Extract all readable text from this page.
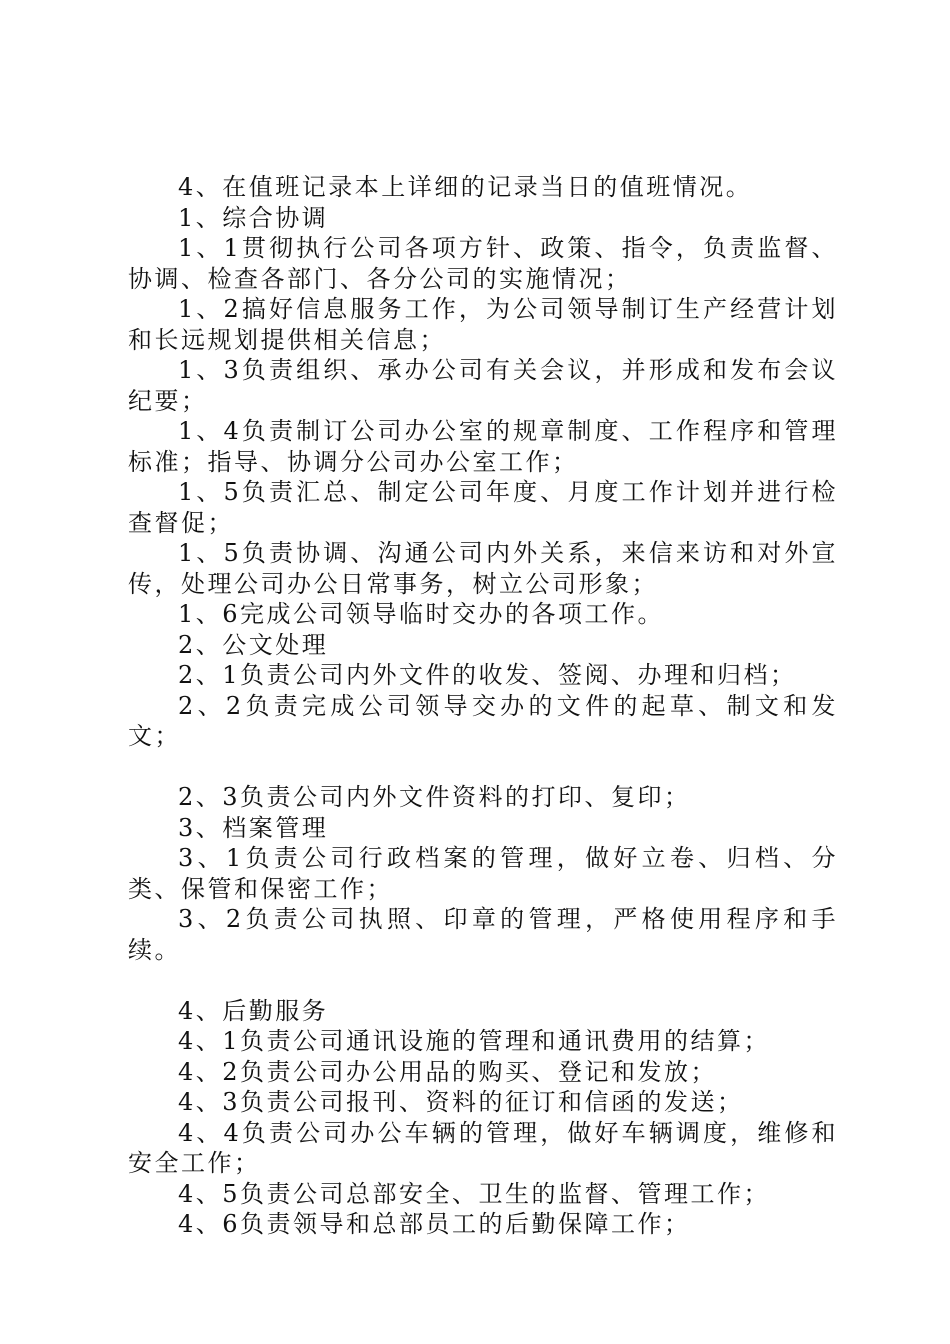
4、在值班记录本上详细的记录当日的值班情况。

1、综合协调

1、1贯彻执行公司各项方针、政策、指令，负责监督、协调、检查各部门、各分公司的实施情况；

1、2搞好信息服务工作，为公司领导制订生产经营计划和长远规划提供相关信息；

1、3负责组织、承办公司有关会议，并形成和发布会议纪要；

1、4负责制订公司办公室的规章制度、工作程序和管理标准；指导、协调分公司办公室工作；

1、5负责汇总、制定公司年度、月度工作计划并进行检查督促；

1、5负责协调、沟通公司内外关系，来信来访和对外宣传，处理公司办公日常事务，树立公司形象；

1、6完成公司领导临时交办的各项工作。

2、公文处理

2、1负责公司内外文件的收发、签阅、办理和归档；

2、2负责完成公司领导交办的文件的起草、制文和发文；

2、3负责公司内外文件资料的打印、复印；

3、档案管理

3、1负责公司行政档案的管理，做好立卷、归档、分类、保管和保密工作；

3、2负责公司执照、印章的管理，严格使用程序和手续。

4、后勤服务

4、1负责公司通讯设施的管理和通讯费用的结算；

4、2负责公司办公用品的购买、登记和发放；

4、3负责公司报刊、资料的征订和信函的发送；

4、4负责公司办公车辆的管理，做好车辆调度，维修和安全工作；

4、5负责公司总部安全、卫生的监督、管理工作；

4、6负责领导和总部员工的后勤保障工作；
